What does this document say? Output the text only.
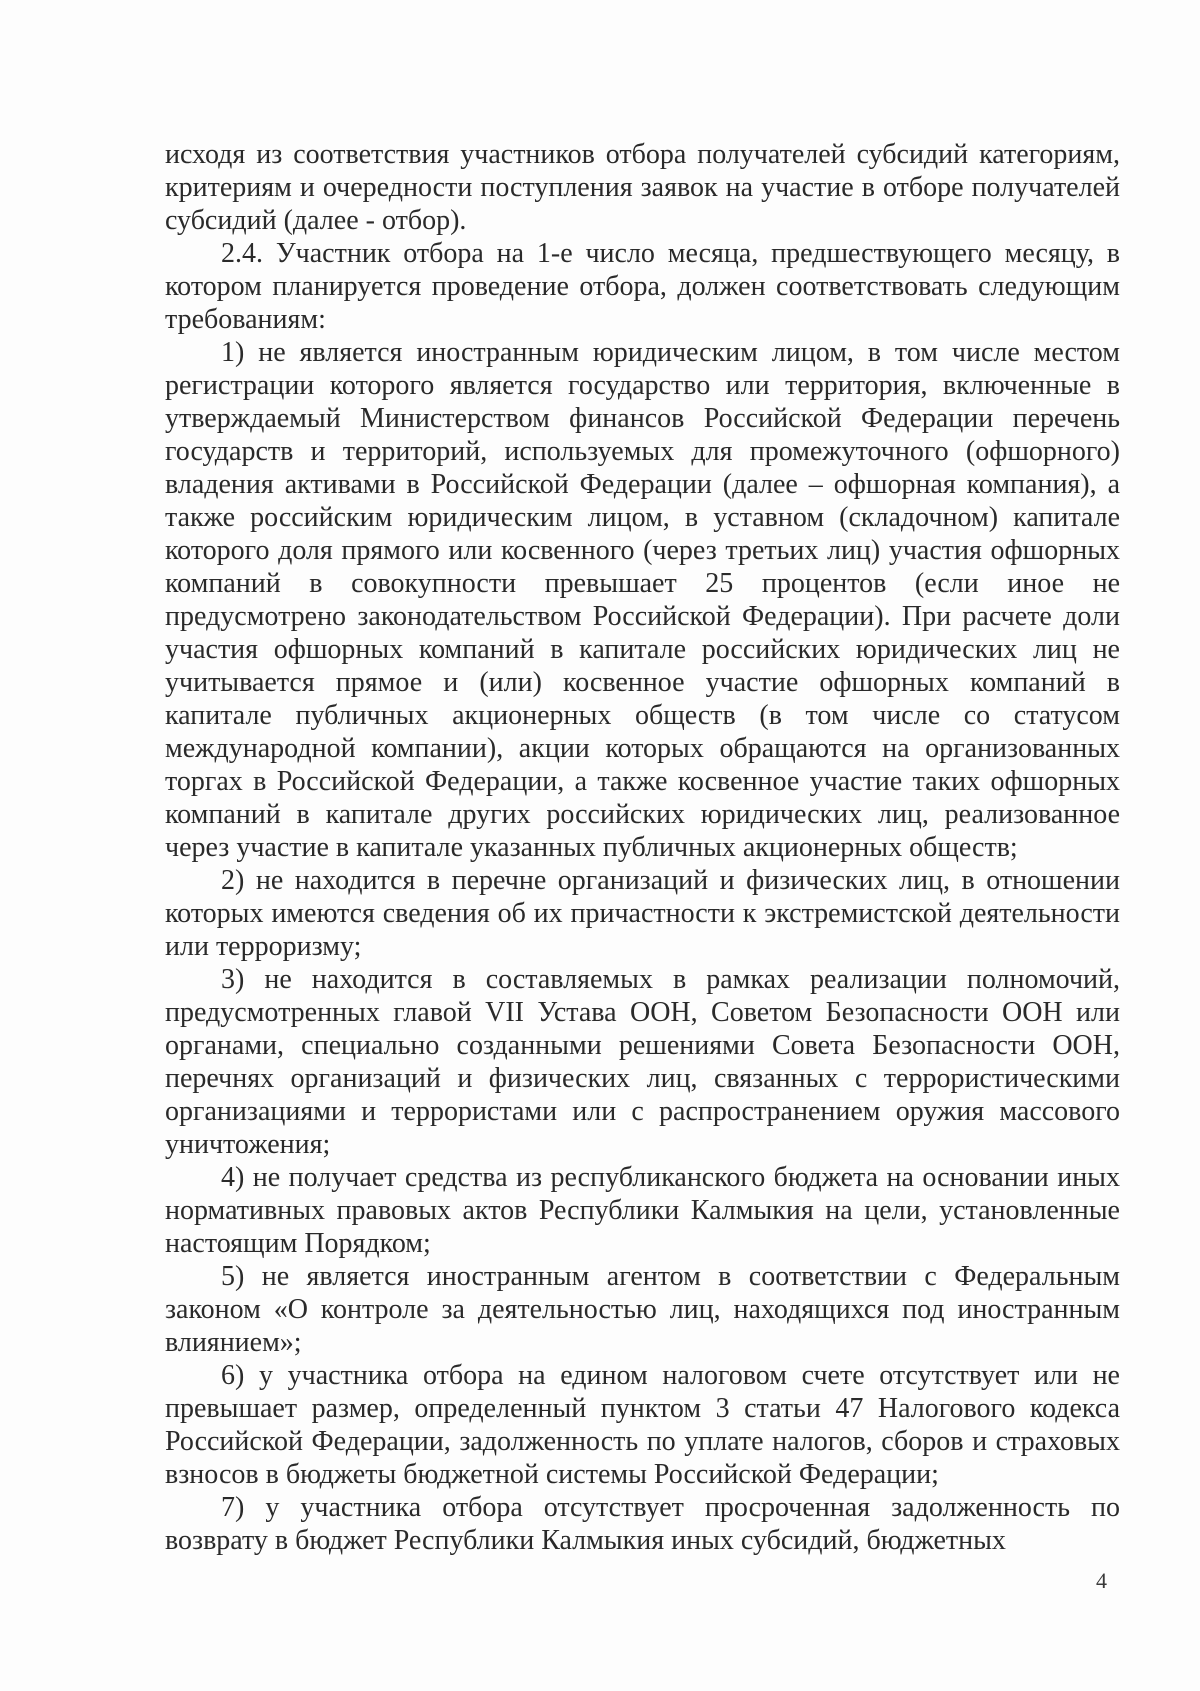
исходя из соответствия участников отбора получателей субсидий категориям, критериям и очередности поступления заявок на участие в отборе получателей субсидий (далее - отбор).

2.4. Участник отбора на 1-е число месяца, предшествующего месяцу, в котором планируется проведение отбора, должен соответствовать следующим требованиям:

1) не является иностранным юридическим лицом, в том числе местом регистрации которого является государство или территория, включенные в утверждаемый Министерством финансов Российской Федерации перечень государств и территорий, используемых для промежуточного (офшорного) владения активами в Российской Федерации (далее – офшорная компания), а также российским юридическим лицом, в уставном (складочном) капитале которого доля прямого или косвенного (через третьих лиц) участия офшорных компаний в совокупности превышает 25 процентов (если иное не предусмотрено законодательством Российской Федерации). При расчете доли участия офшорных компаний в капитале российских юридических лиц не учитывается прямое и (или) косвенное участие офшорных компаний в капитале публичных акционерных обществ (в том числе со статусом международной компании), акции которых обращаются на организованных торгах в Российской Федерации, а также косвенное участие таких офшорных компаний в капитале других российских юридических лиц, реализованное через участие в капитале указанных публичных акционерных обществ;

2) не находится в перечне организаций и физических лиц, в отношении которых имеются сведения об их причастности к экстремистской деятельности или терроризму;

3) не находится в составляемых в рамках реализации полномочий, предусмотренных главой VII Устава ООН, Советом Безопасности ООН или органами, специально созданными решениями Совета Безопасности ООН, перечнях организаций и физических лиц, связанных с террористическими организациями и террористами или с распространением оружия массового уничтожения;

4) не получает средства из республиканского бюджета на основании иных нормативных правовых актов Республики Калмыкия на цели, установленные настоящим Порядком;

5) не является иностранным агентом в соответствии с Федеральным законом «О контроле за деятельностью лиц, находящихся под иностранным влиянием»;

6) у участника отбора на едином налоговом счете отсутствует или не превышает размер, определенный пунктом 3 статьи 47 Налогового кодекса Российской Федерации, задолженность по уплате налогов, сборов и страховых взносов в бюджеты бюджетной системы Российской Федерации;

7) у участника отбора отсутствует просроченная задолженность по возврату в бюджет Республики Калмыкия иных субсидий, бюджетных

4
